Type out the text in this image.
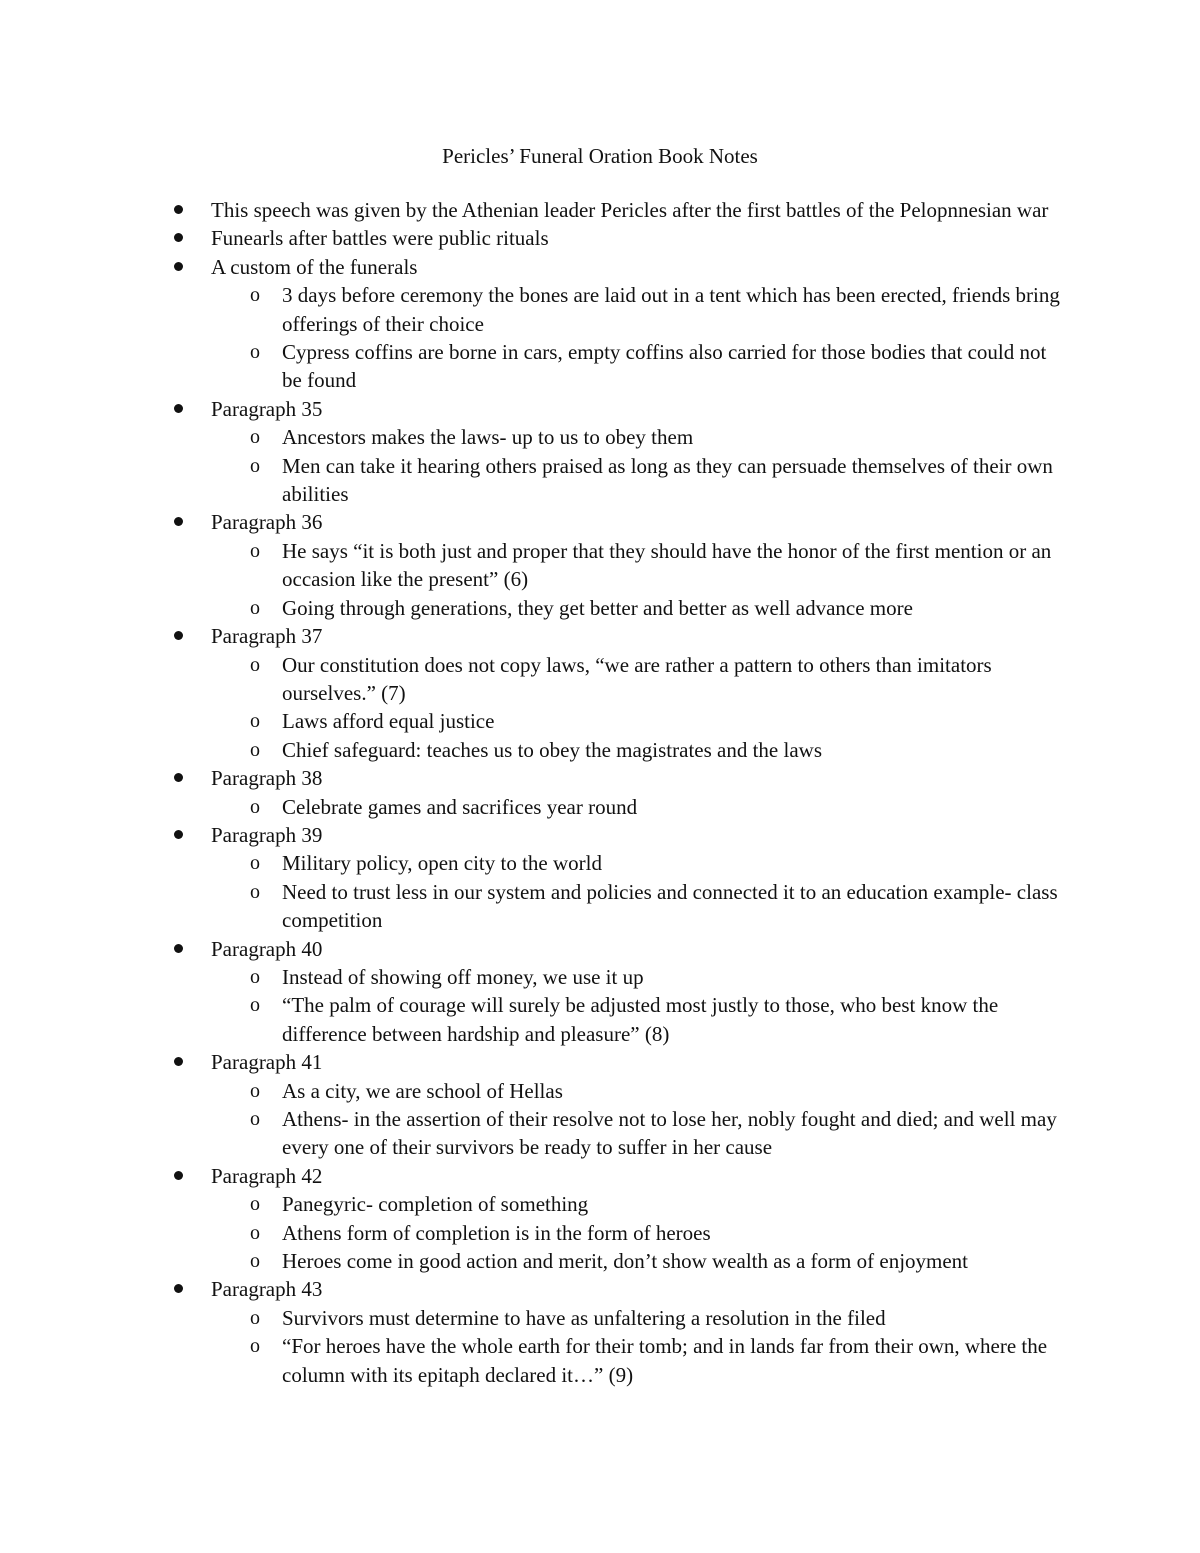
Pericles’ Funeral Oration Book Notes
This speech was given by the Athenian leader Pericles after the first battles of the Pelopnnesian war
Funearls after battles were public rituals
A custom of the funerals
o 3 days before ceremony the bones are laid out in a tent which has been erected, friends bring offerings of their choice
o Cypress coffins are borne in cars, empty coffins also carried for those bodies that could not be found
Paragraph 35
o Ancestors makes the laws- up to us to obey them
o Men can take it hearing others praised as long as they can persuade themselves of their own abilities
Paragraph 36
o He says “it is both just and proper that they should have the honor of the first mention or an occasion like the present” (6)
o Going through generations, they get better and better as well advance more
Paragraph 37
o Our constitution does not copy laws, “we are rather a pattern to others than imitators ourselves.” (7)
o Laws afford equal justice
o Chief safeguard: teaches us to obey the magistrates and the laws
Paragraph 38
o Celebrate games and sacrifices year round
Paragraph 39
o Military policy, open city to the world
o Need to trust less in our system and policies and connected it to an education example- class competition
Paragraph 40
o Instead of showing off money, we use it up
o “The palm of courage will surely be adjusted most justly to those, who best know the difference between hardship and pleasure” (8)
Paragraph 41
o As a city, we are school of Hellas
o Athens- in the assertion of their resolve not to lose her, nobly fought and died; and well may every one of their survivors be ready to suffer in her cause
Paragraph 42
o Panegyric- completion of something
o Athens form of completion is in the form of heroes
o Heroes come in good action and merit, don’t show wealth as a form of enjoyment
Paragraph 43
o Survivors must determine to have as unfaltering a resolution in the filed
o “For heroes have the whole earth for their tomb; and in lands far from their own, where the column with its epitaph declared it…” (9)
